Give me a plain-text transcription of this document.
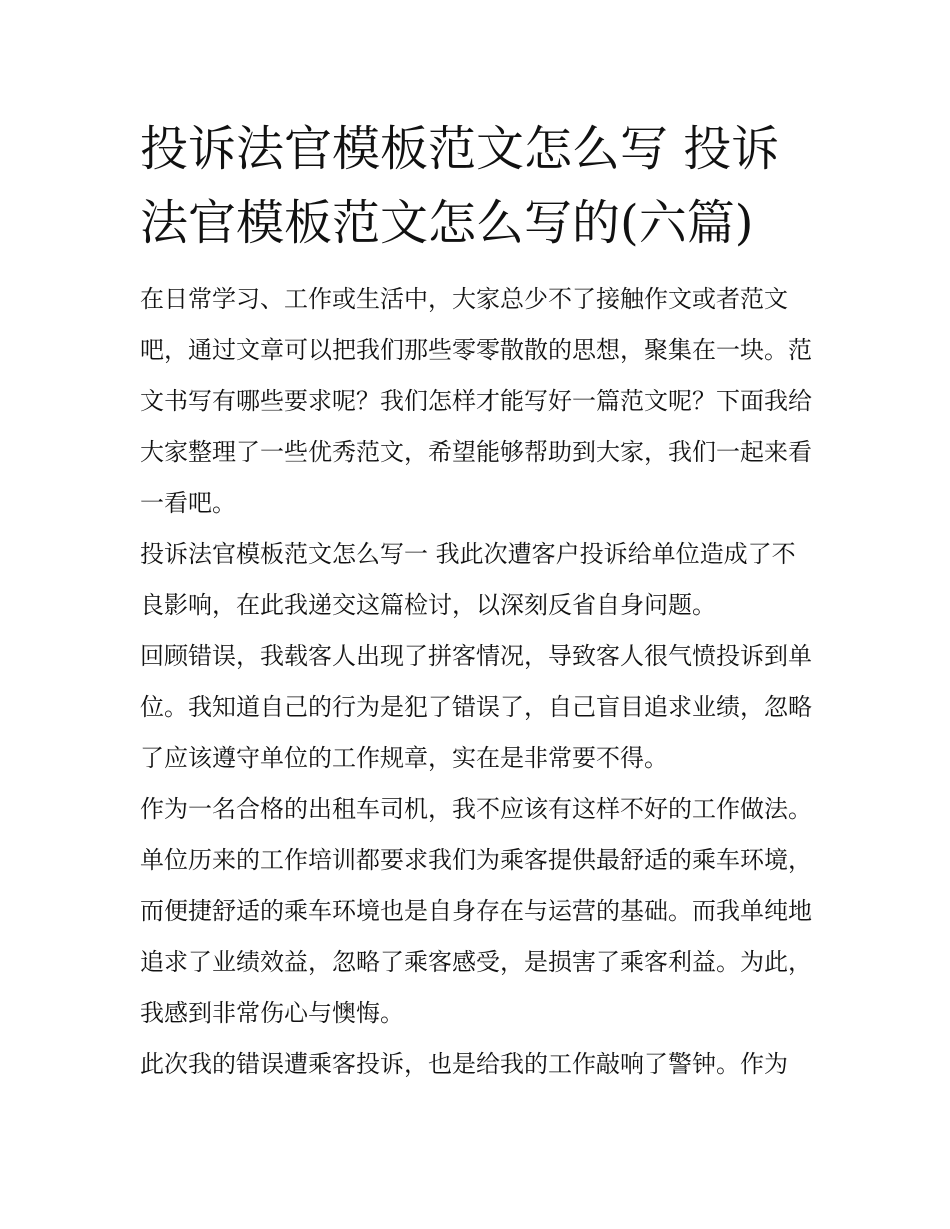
投诉法官模板范文怎么写 投诉法官模板范文怎么写的(六篇)

在日常学习、工作或生活中，大家总少不了接触作文或者范文吧，通过文章可以把我们那些零零散散的思想，聚集在一块。范文书写有哪些要求呢？我们怎样才能写好一篇范文呢？下面我给大家整理了一些优秀范文，希望能够帮助到大家，我们一起来看一看吧。

投诉法官模板范文怎么写一 我此次遭客户投诉给单位造成了不良影响，在此我递交这篇检讨，以深刻反省自身问题。

回顾错误，我载客人出现了拼客情况，导致客人很气愤投诉到单位。我知道自己的行为是犯了错误了，自己盲目追求业绩，忽略了应该遵守单位的工作规章，实在是非常要不得。

作为一名合格的出租车司机，我不应该有这样不好的工作做法。单位历来的工作培训都要求我们为乘客提供最舒适的乘车环境，而便捷舒适的乘车环境也是自身存在与运营的基础。而我单纯地追求了业绩效益，忽略了乘客感受，是损害了乘客利益。为此，我感到非常伤心与懊悔。

此次我的错误遭乘客投诉，也是给我的工作敲响了警钟。作为
